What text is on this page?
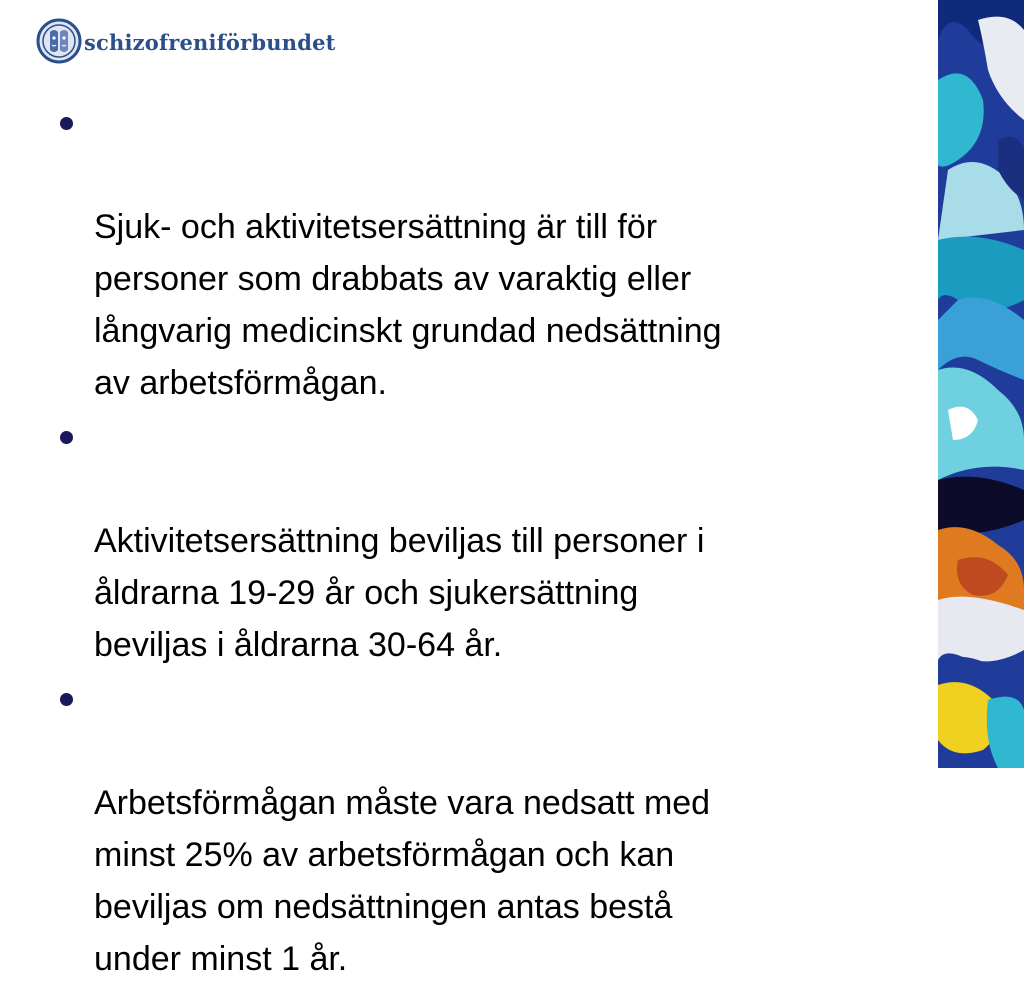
schizofreniförbundet

Sjuk- och aktivitetsersättning är till för
personer som drabbats av varaktig eller
långvarig medicinskt grundad nedsättning
av arbetsförmågan.

Aktivitetsersättning beviljas till personer i
åldrarna 19-29 år och sjukersättning
beviljas i åldrarna 30-64 år.

Arbetsförmågan måste vara nedsatt med
minst 25% av arbetsförmågan och kan
beviljas om nedsättningen antas bestå
under minst 1 år.
